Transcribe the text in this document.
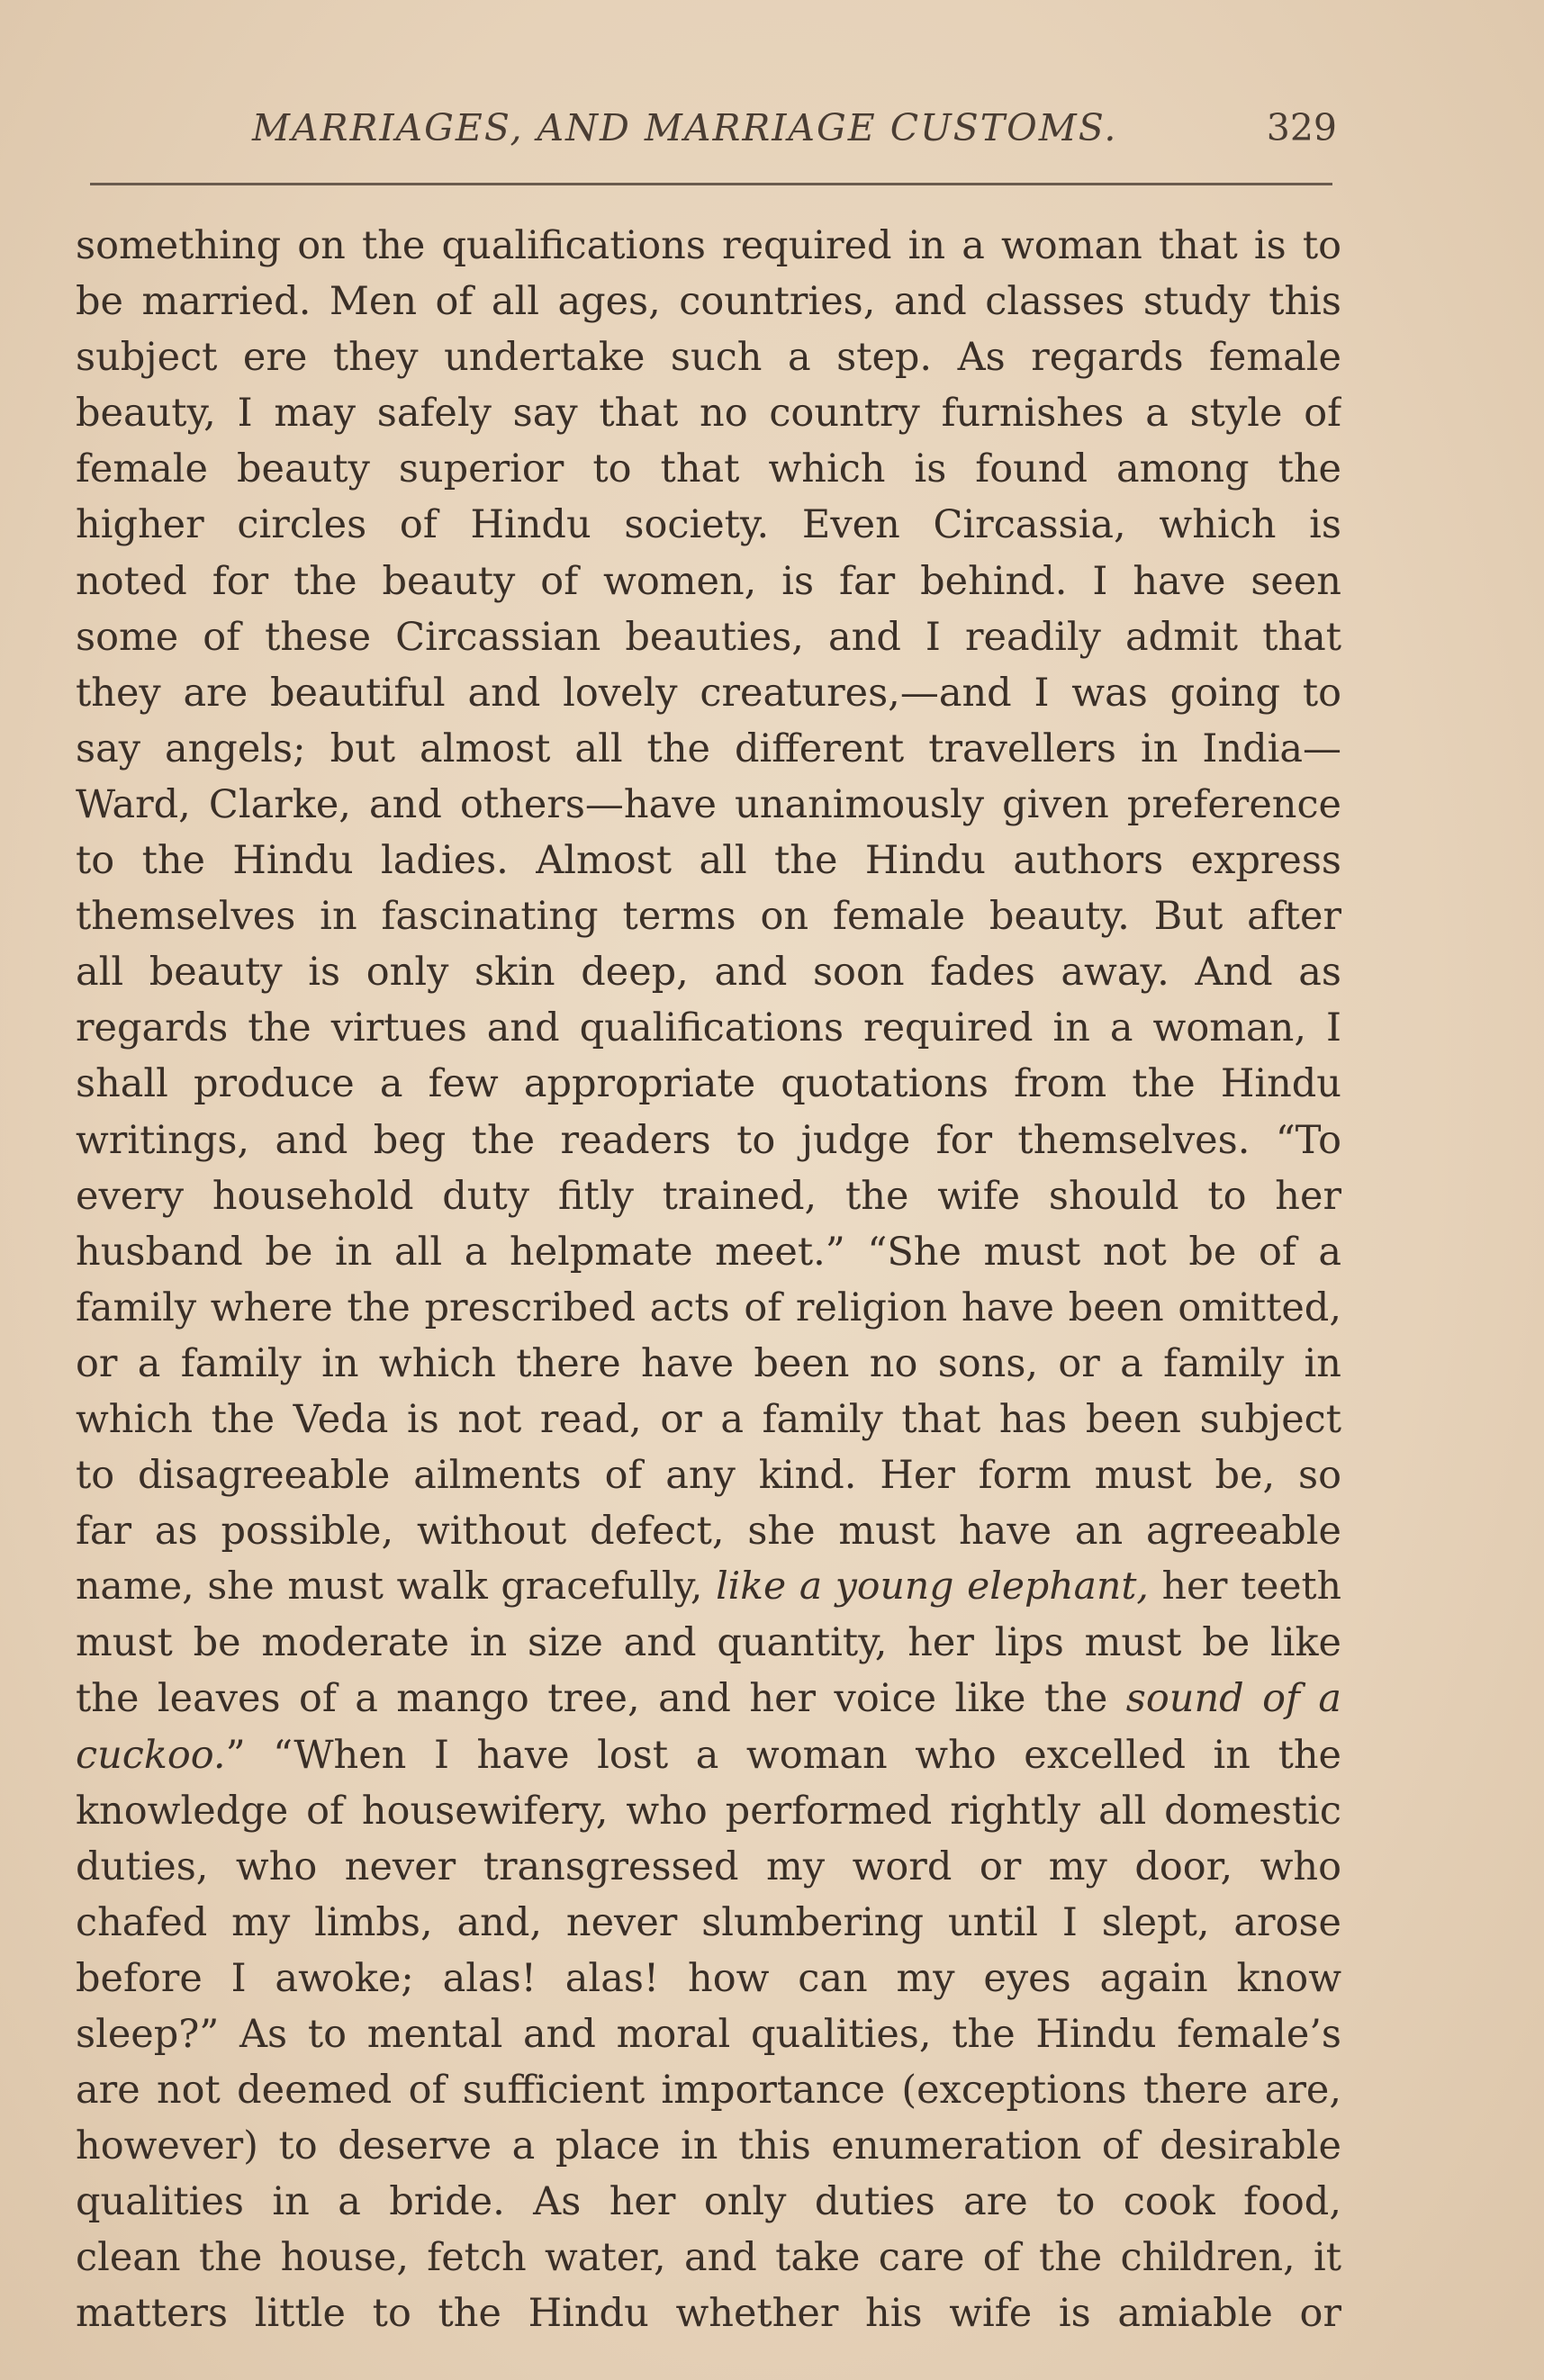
MARRIAGES, AND MARRIAGE CUSTOMS.	329
something on the qualifications required in a woman that is to
be married. Men of all ages, countries, and classes study this
subject ere they undertake such a step. As regards female
beauty, I may safely say that no country furnishes a style of
female beauty superior to that which is found among the
higher circles of Hindu society. Even Circassia, which is
noted for the beauty of women, is far behind. I have seen
some of these Circassian beauties, and I readily admit that
they are beautiful and lovely creatures,—and I was going to
say angels; but almost all the different travellers in India—
Ward, Clarke, and others—have unanimously given preference
to the Hindu ladies. Almost all the Hindu authors express
themselves in fascinating terms on female beauty. But after
all beauty is only skin deep, and soon fades away. And as
regards the virtues and qualifications required in a woman, I
shall produce a few appropriate quotations from the Hindu
writings, and beg the readers to judge for themselves. “To
every household duty fitly trained, the wife should to her
husband be in all a helpmate meet.” “She must not be of a
family where the prescribed acts of religion have been omitted,
or a family in which there have been no sons, or a family in
which the Veda is not read, or a family that has been subject
to disagreeable ailments of any kind. Her form must be, so
far as possible, without defect, she must have an agreeable
name, she must walk gracefully, like a young elephant, her teeth
must be moderate in size and quantity, her lips must be like
the leaves of a mango tree, and her voice like the sound of a
cuckoo.” “When I have lost a woman who excelled in the
knowledge of housewifery, who performed rightly all domestic
duties, who never transgressed my word or my door, who
chafed my limbs, and, never slumbering until I slept, arose
before I awoke; alas! alas! how can my eyes again know
sleep?” As to mental and moral qualities, the Hindu female’s
are not deemed of sufficient importance (exceptions there are,
however) to deserve a place in this enumeration of desirable
qualities in a bride. As her only duties are to cook food,
clean the house, fetch water, and take care of the children, it
matters little to the Hindu whether his wife is amiable or
